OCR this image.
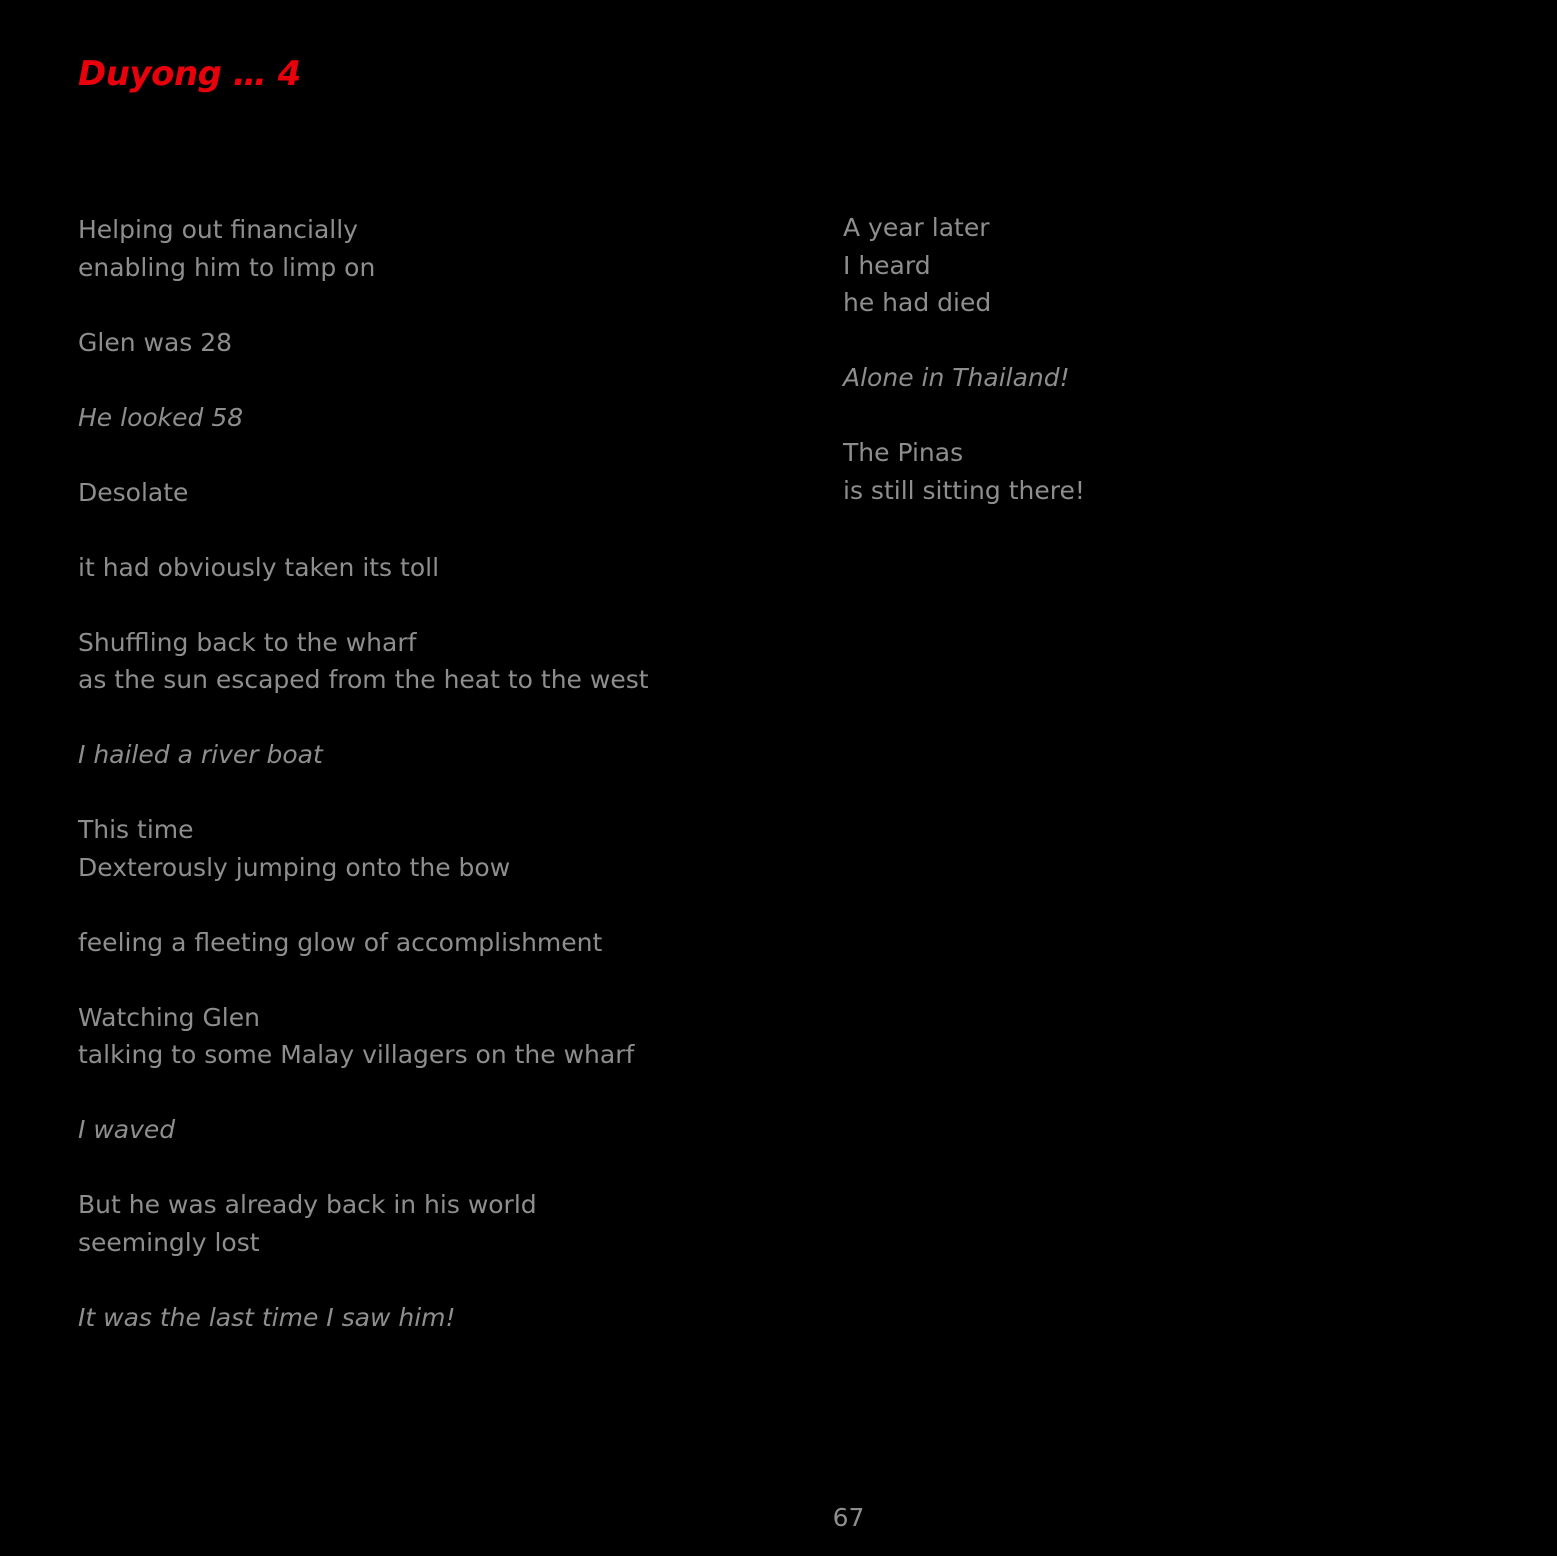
Duyong … 4
Helping out financially
enabling him to limp on
Glen was 28
He looked 58
Desolate
it had obviously taken its toll
Shuffling back to the wharf
as the sun escaped from the heat to the west
I hailed a river boat
This time
Dexterously jumping onto the bow
feeling a fleeting glow of accomplishment
Watching Glen
talking to some Malay villagers on the wharf
I waved
But he was already back in his world
seemingly lost
It was the last time I saw him!
A year later
I heard
he had died
Alone in Thailand!
The Pinas
is still sitting there!
67
